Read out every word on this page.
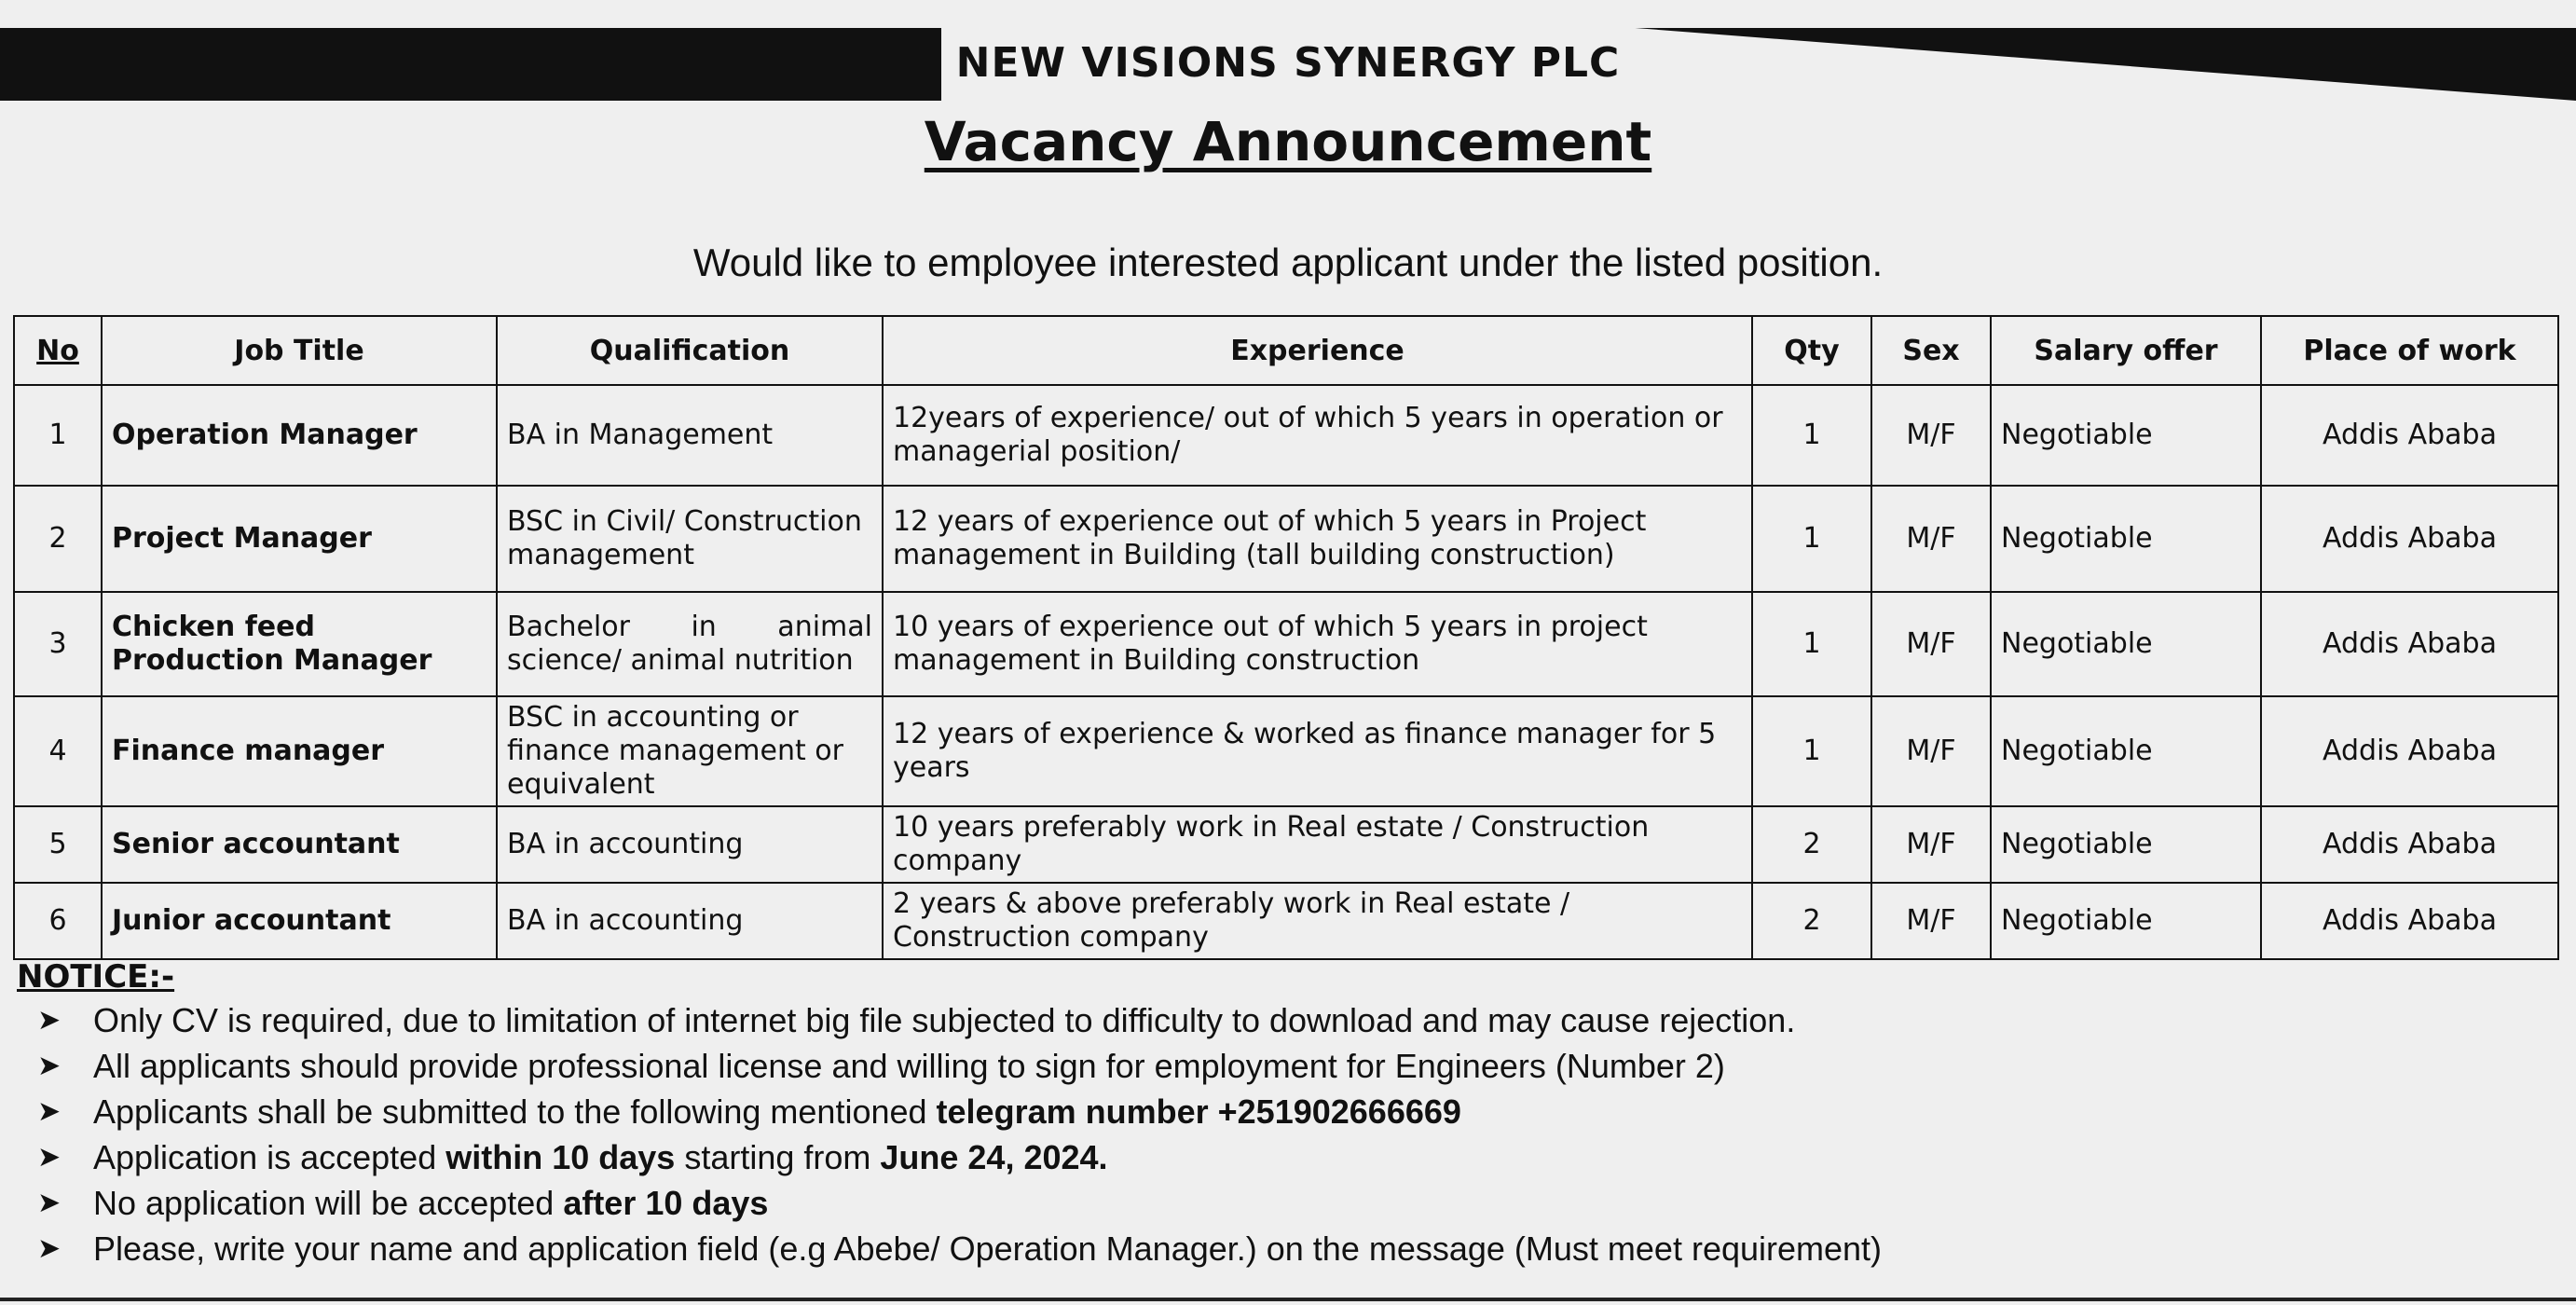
NEW VISIONS SYNERGY PLC
Vacancy Announcement
Would like to employee interested applicant under the listed position.
No	Job Title	Qualification	Experience	Qty	Sex	Salary offer	Place of work
1	Operation Manager	BA in Management	12years of experience/ out of which 5 years in operation or managerial position/	1	M/F	Negotiable	Addis Ababa
2	Project Manager	BSC in Civil/ Construction management	12 years of experience out of which 5 years in Project management in Building (tall building construction)	1	M/F	Negotiable	Addis Ababa
3	Chicken feed Production Manager	Bachelor in animal science/ animal nutrition	10 years of experience out of which 5 years in project management in Building construction	1	M/F	Negotiable	Addis Ababa
4	Finance manager	BSC in accounting or finance management or equivalent	12 years of experience & worked as finance manager for 5 years	1	M/F	Negotiable	Addis Ababa
5	Senior accountant	BA in accounting	10 years preferably work in Real estate / Construction company	2	M/F	Negotiable	Addis Ababa
6	Junior accountant	BA in accounting	2 years & above preferably work in Real estate / Construction company	2	M/F	Negotiable	Addis Ababa
NOTICE:-
➤ Only CV is required, due to limitation of internet big file subjected to difficulty to download and may cause rejection.
➤ All applicants should provide professional license and willing to sign for employment for Engineers (Number 2)
➤ Applicants shall be submitted to the following mentioned telegram number +251902666669
➤ Application is accepted within 10 days starting from June 24, 2024.
➤ No application will be accepted after 10 days
➤ Please, write your name and application field (e.g Abebe/ Operation Manager.) on the message (Must meet requirement)
